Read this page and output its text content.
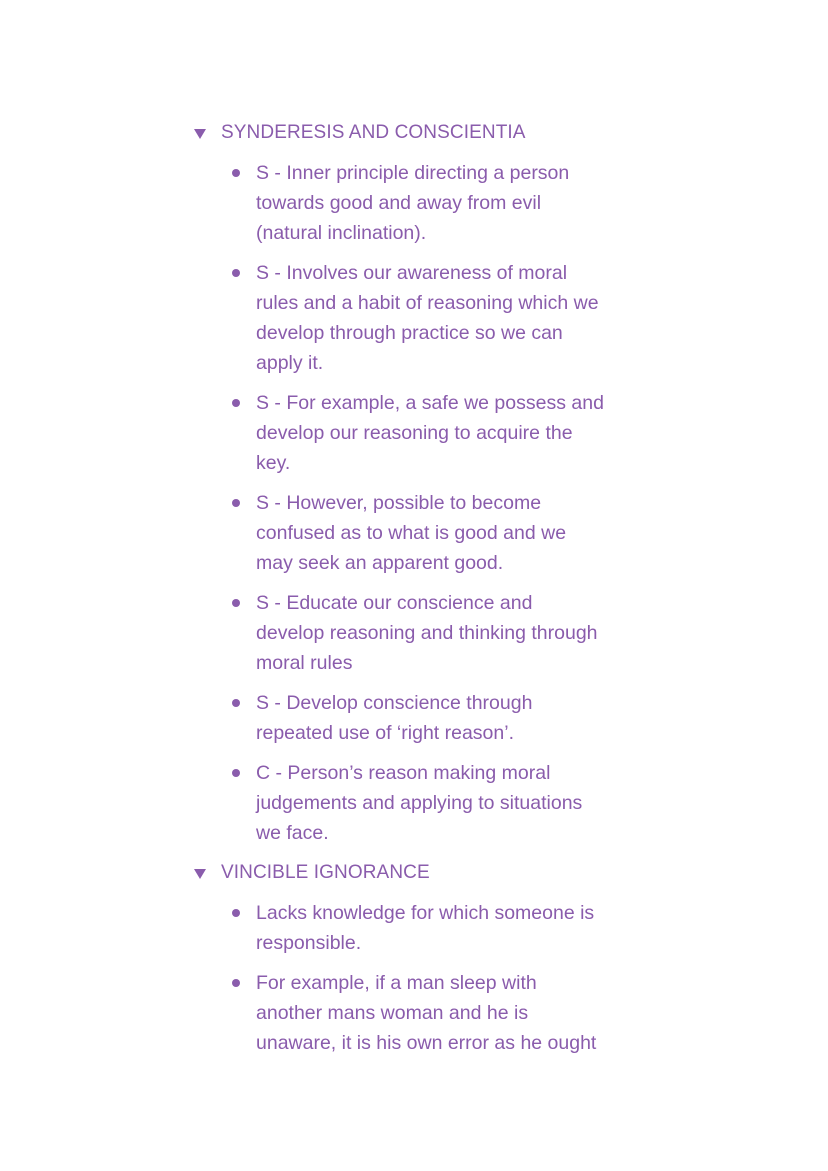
SYNDERESIS AND CONSCIENTIA
S - Inner principle directing a person
towards good and away from evil
(natural inclination).
S - Involves our awareness of moral
rules and a habit of reasoning which we
develop through practice so we can
apply it.
S - For example, a safe we possess and
develop our reasoning to acquire the
key.
S - However, possible to become
confused as to what is good and we
may seek an apparent good.
S - Educate our conscience and
develop reasoning and thinking through
moral rules
S - Develop conscience through
repeated use of ‘right reason’.
C - Person’s reason making moral
judgements and applying to situations
we face.
VINCIBLE IGNORANCE
Lacks knowledge for which someone is
responsible.
For example, if a man sleep with
another mans woman and he is
unaware, it is his own error as he ought
